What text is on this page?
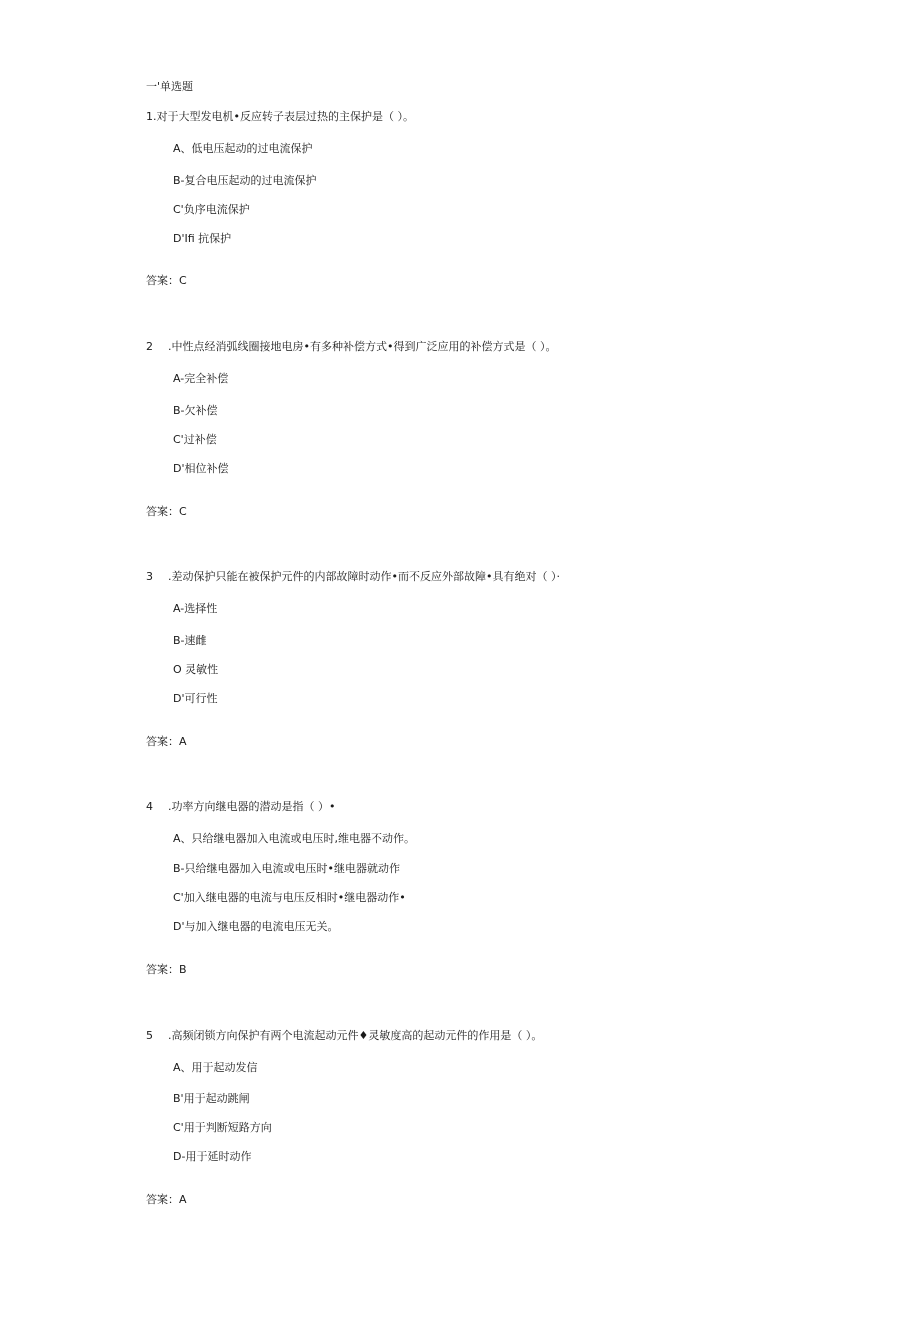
一'单选题
1.对于大型发电机•反应转子表层过热的主保护是（ ）。
A、低电压起动的过电流保护
B-复合电压起动的过电流保护
C'负序电流保护
D'Ifi 抗保护
答案：C
2 .中性点经消弧线圈接地电房•有多种补偿方式•得到广泛应用的补偿方式是（ ）。
A-完全补偿
B-欠补偿
C'过补偿
D'相位补偿
答案：C
3 .差动保护只能在被保护元件的内部故障时动作•而不反应外部故障•具有绝对（ ）·
A-选择性
B-速雌
O 灵敏性
D'可行性
答案：A
4 .功率方向继电器的潜动是指（ ）•
A、只给继电器加入电流或电压时,维电器不动作。
B-只给继电器加入电流或电压时•继电器就动作
C'加入继电器的电流与电压反相时•继电器动作•
D'与加入继电器的电流电压无关。
答案：B
5 .高频闭锁方向保护有两个电流起动元件♦灵敏度高的起动元件的作用是（ ）。
A、用于起动发信
B'用于起动跳闸
C'用于判断短路方向
D-用于延时动作
答案：A
